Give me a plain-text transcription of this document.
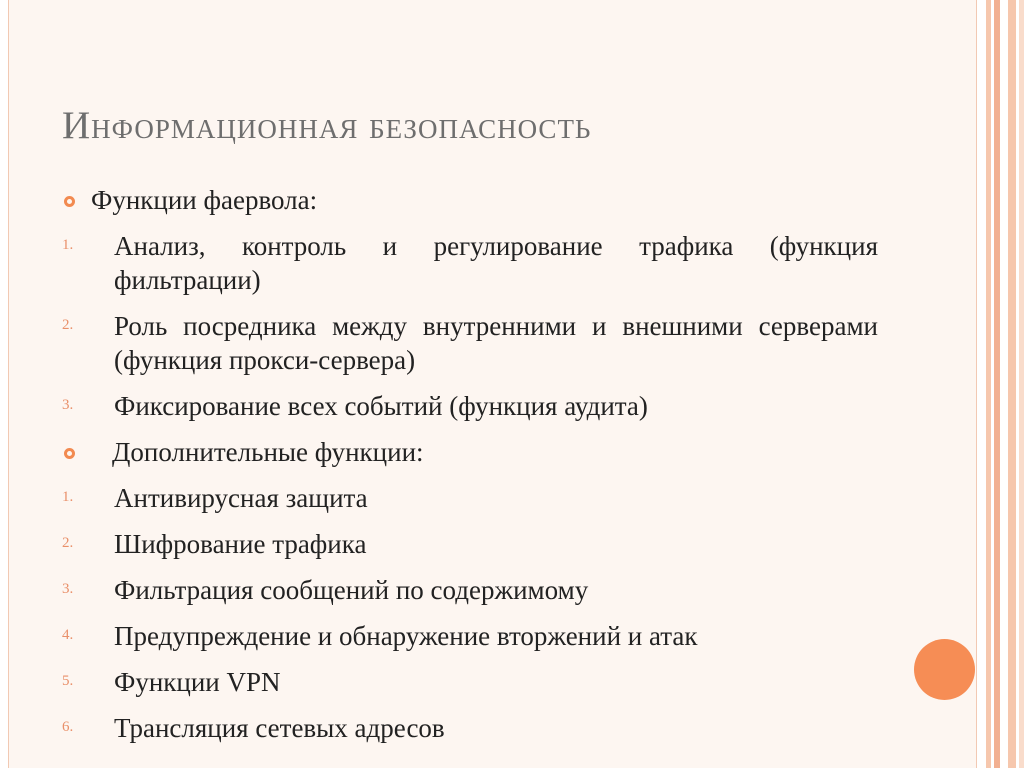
Информационная безопасность
Функции фаервола:
1.	Анализ, контроль и регулирование трафика (функция фильтрации)
2.	Роль посредника между внутренними и внешними серверами (функция прокси-сервера)
3.	Фиксирование всех событий (функция аудита)
Дополнительные функции:
1.	Антивирусная защита
2.	Шифрование трафика
3.	Фильтрация сообщений по содержимому
4.	Предупреждение и обнаружение вторжений и атак
5.	Функции VPN
6.	Трансляция сетевых адресов
